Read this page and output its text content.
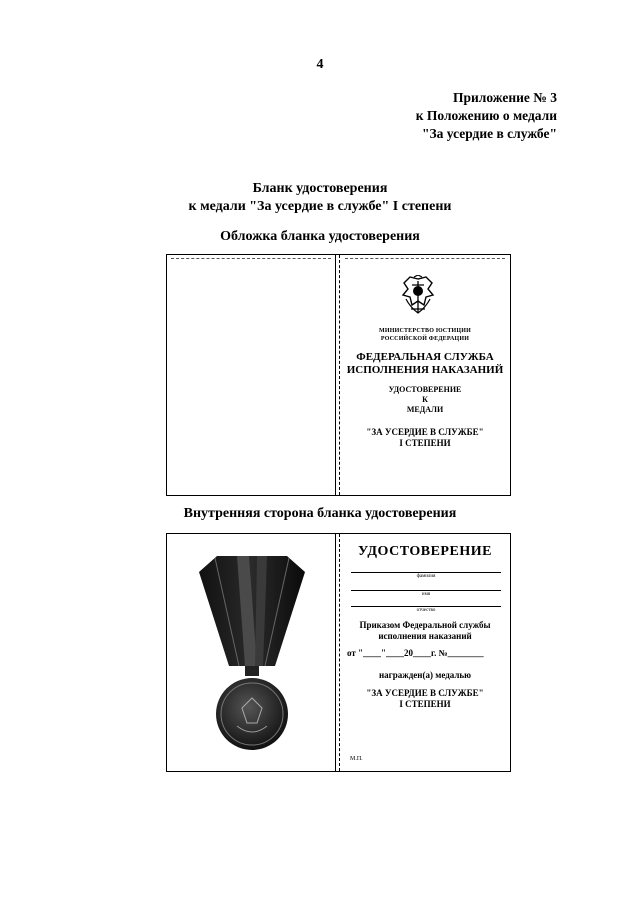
4
Приложение № 3
к Положению о медали
"За усердие в службе"
Бланк удостоверения
к медали "За усердие в службе" I степени
Обложка бланка удостоверения
МИНИСТЕРСТВО ЮСТИЦИИ
РОССИЙСКОЙ ФЕДЕРАЦИИ
ФЕДЕРАЛЬНАЯ СЛУЖБА
ИСПОЛНЕНИЯ НАКАЗАНИЙ
УДОСТОВЕРЕНИЕ
К
МЕДАЛИ
"ЗА УСЕРДИЕ В СЛУЖБЕ"
I СТЕПЕНИ
Внутренняя сторона бланка удостоверения
УДОСТОВЕРЕНИЕ
фамилия
имя
отчество
Приказом Федеральной службы
исполнения наказаний
от "____"____20____г. №________
награжден(а) медалью
"ЗА УСЕРДИЕ В СЛУЖБЕ"
I СТЕПЕНИ
М.П.
